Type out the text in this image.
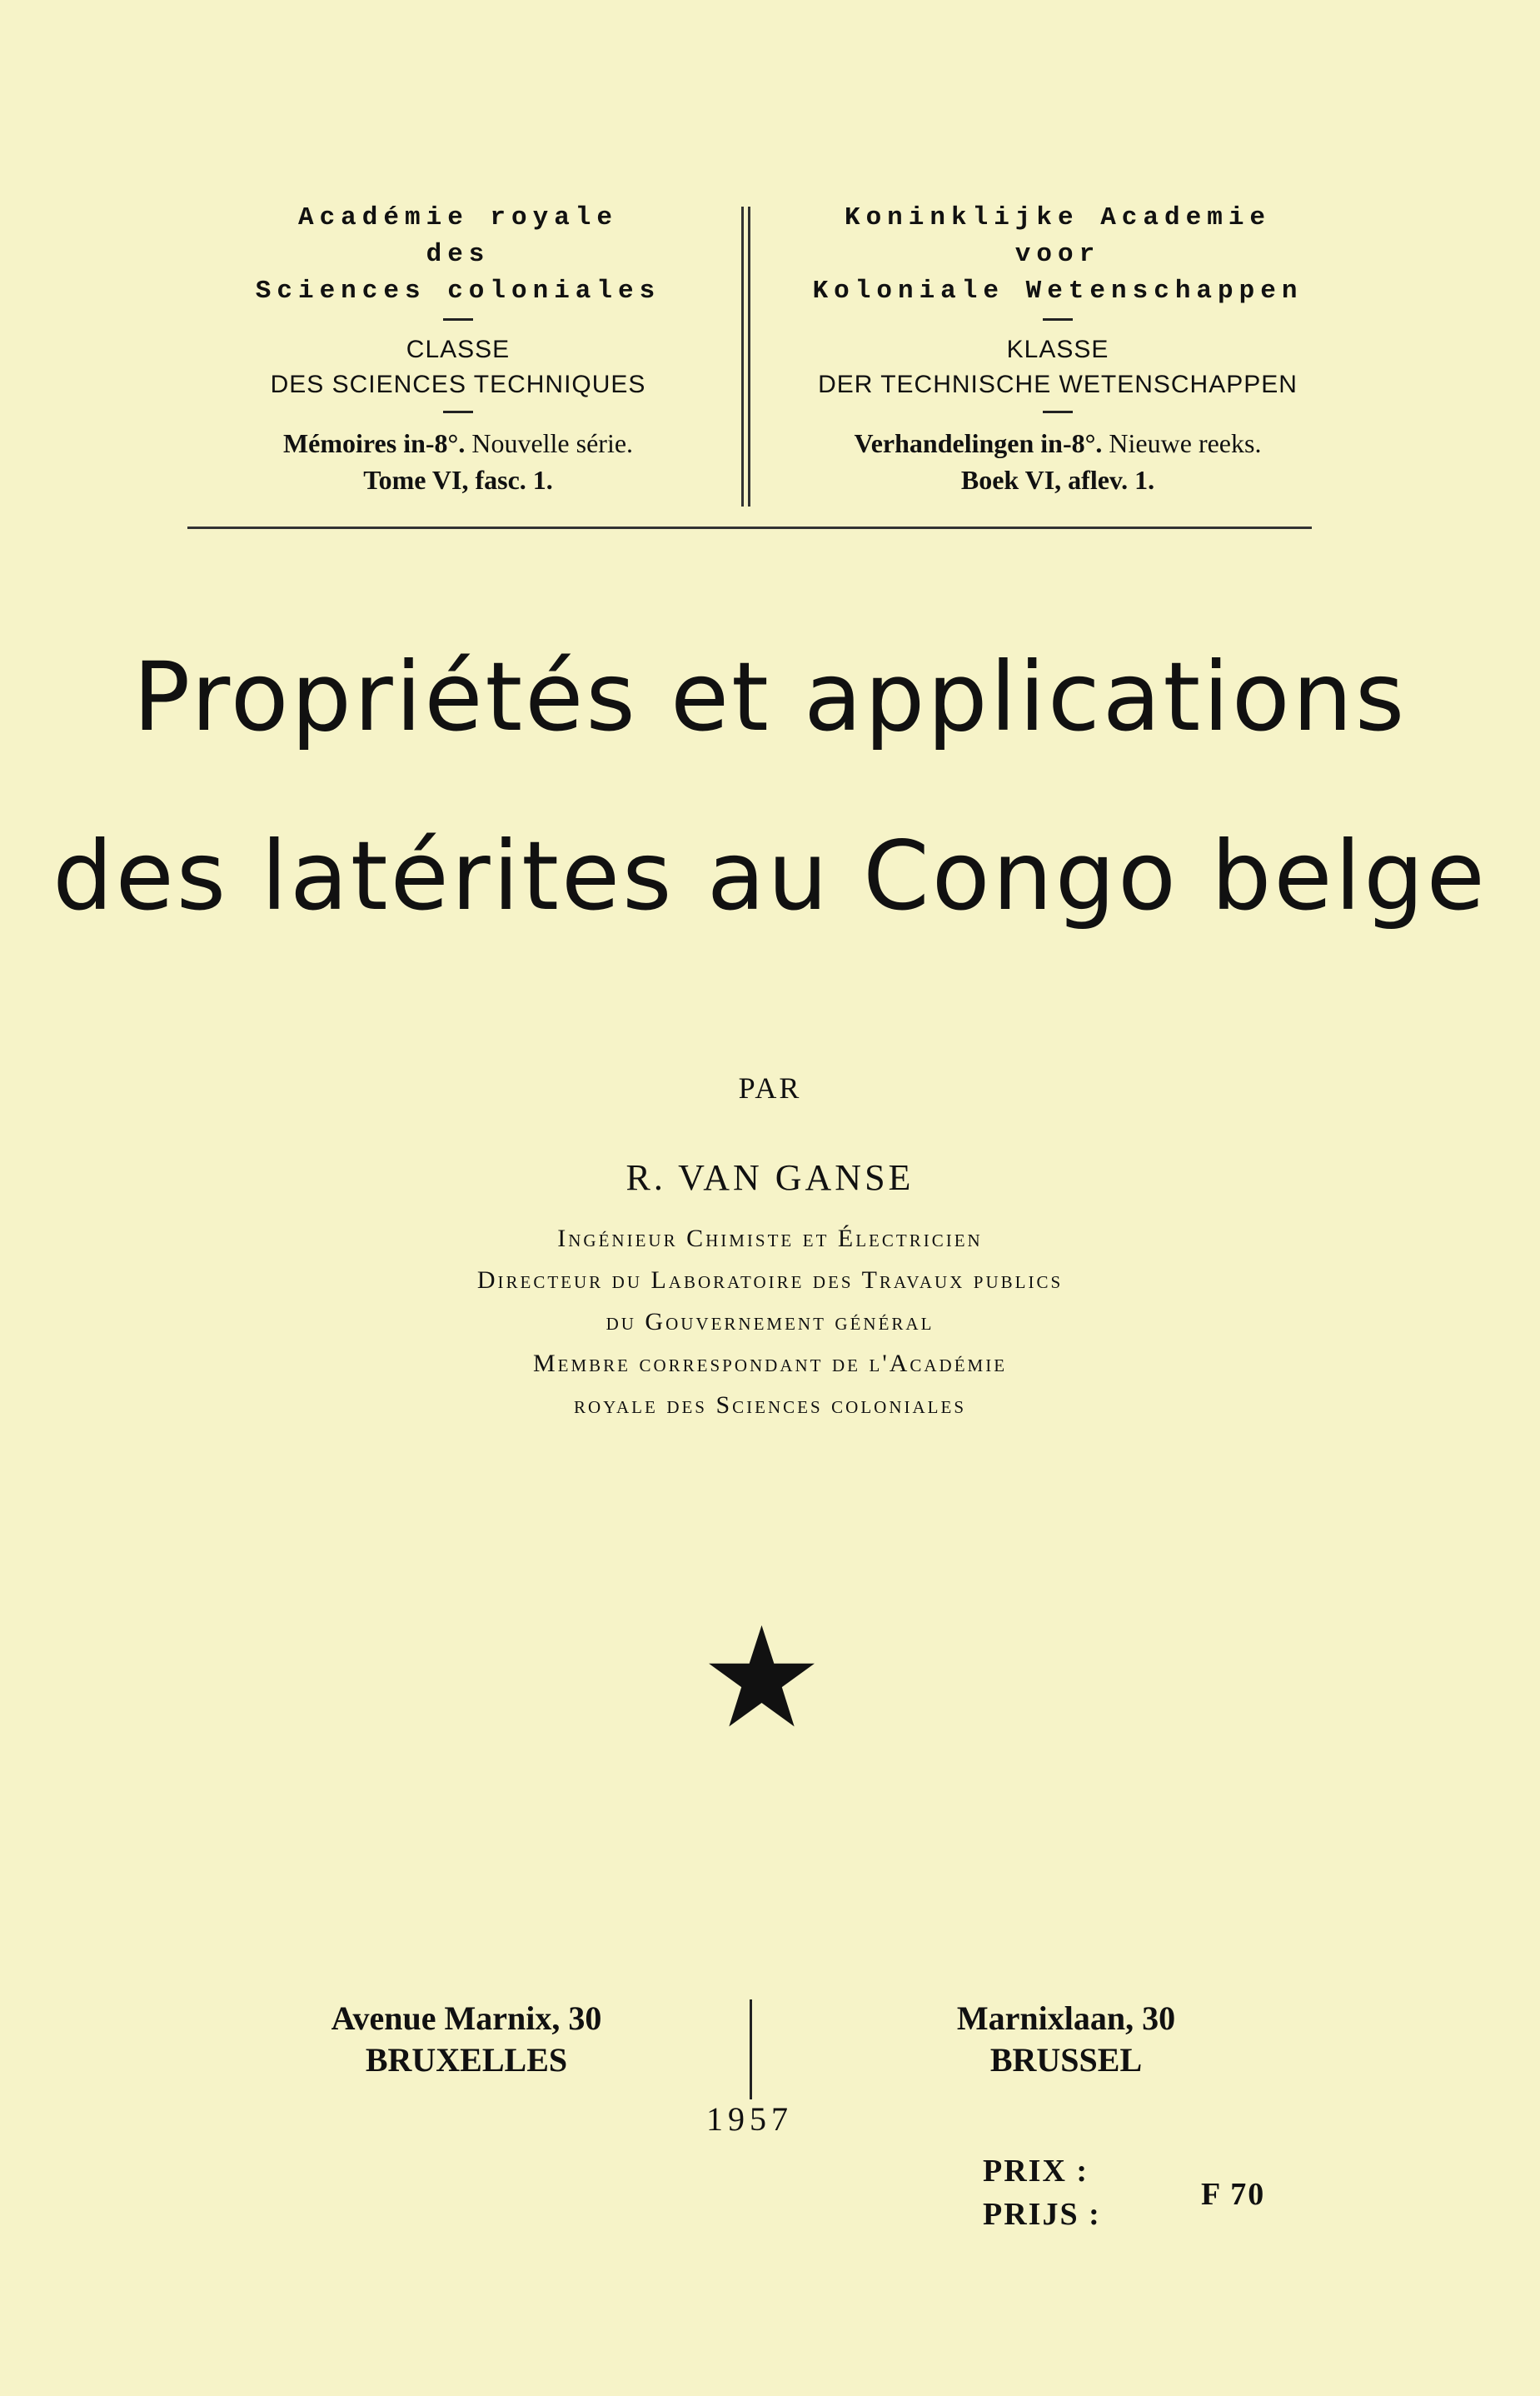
Académie royale
des
Sciences coloniales
CLASSE
DES SCIENCES TECHNIQUES
Mémoires in-8°. Nouvelle série.
Tome VI, fasc. 1.
Koninklijke Academie
voor
Koloniale Wetenschappen
KLASSE
DER TECHNISCHE WETENSCHAPPEN
Verhandelingen in-8°. Nieuwe reeks.
Boek VI, aflev. 1.
Propriétés et applications
des latérites au Congo belge
PAR
R. VAN GANSE
Ingénieur Chimiste et Électricien
Directeur du Laboratoire des Travaux publics
du Gouvernement général
Membre correspondant de l'Académie
royale des Sciences coloniales
Avenue Marnix, 30
BRUXELLES
Marnixlaan, 30
BRUSSEL
1957
PRIX :
PRIJS :
F 70
